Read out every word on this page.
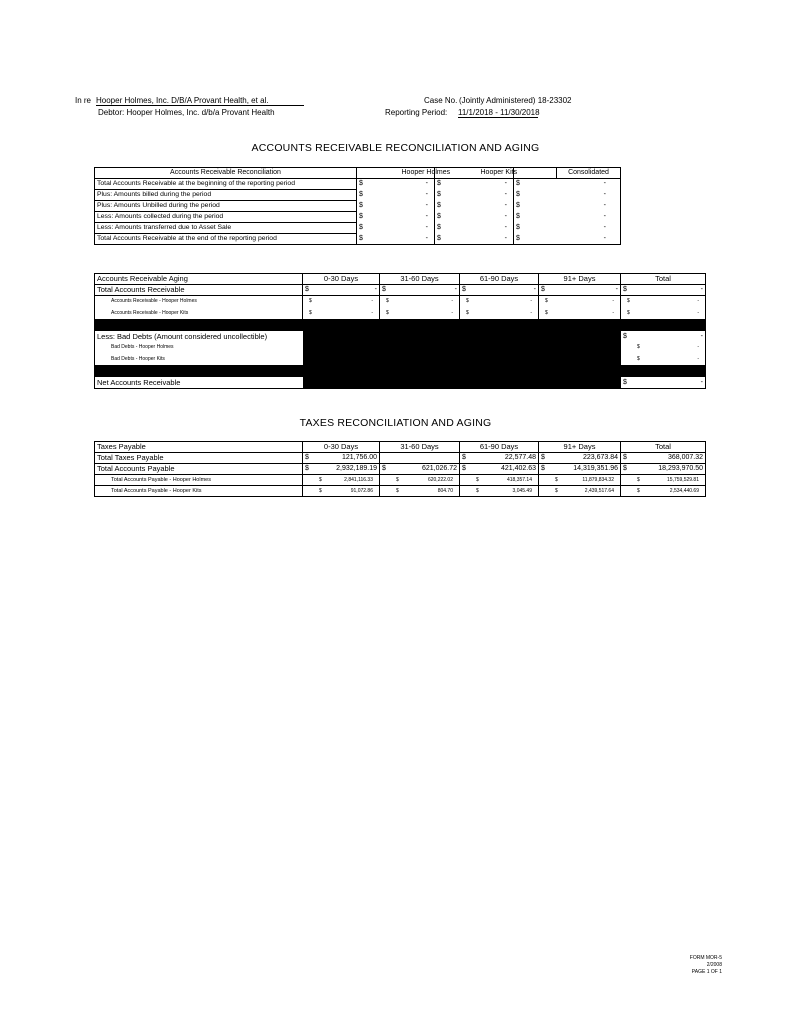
In re Hooper Holmes, Inc. D/B/A Provant Health, et al.
Debtor: Hooper Holmes, Inc. d/b/a Provant Health
Case No. (Jointly Administered) 18-23302
Reporting Period: 11/1/2018 - 11/30/2018
ACCOUNTS RECEIVABLE RECONCILIATION AND AGING
Accounts Receivable Reconciliation		Hooper Holmes		Hooper Kits		Consolidated
Total Accounts Receivable at the beginning of the reporting period	$	-	$	-	$	-
Plus: Amounts billed during the period	$	-	$	-	$	-
Plus: Amounts Unbilled during the period	$	-	$	-	$	-
Less: Amounts collected during the period	$	-	$	-	$	-
Less: Amounts transferred due to Asset Sale	$	-	$	-	$	-
Total Accounts Receivable at the end of the reporting period	$	-	$	-	$	-
Accounts Receivable Aging	0-30 Days	31-60 Days	61-90 Days	91+ Days	Total
Total Accounts Receivable	$ -	$ -	$ -	$ -	$ -

Accounts Receivable - Hooper Holmes	$ -	$ -	$ -	$ -	$ -

Accounts Receivable - Hooper Kits	$ -	$ -	$ -	$ -	$ -

Less: Bad Debts (Amount considered uncollectible)					$ -

Bad Debts - Hooper Holmes					$ -

Bad Debts - Hooper Kits					$ -

Net Accounts Receivable					$ -
TAXES RECONCILIATION AND AGING
Taxes Payable	0-30 Days	31-60 Days	61-90 Days	91+ Days	Total
Total Taxes Payable	$ 121,756.00		$ 22,577.48	$ 223,673.84	$ 368,007.32

Total Accounts Payable	$ 2,932,189.19	$ 621,026.72	$ 421,402.63	$ 14,319,351.96	$ 18,293,970.50

Total Accounts Payable - Hooper Holmes	$ 2,841,116.33	$ 620,222.02	$ 418,357.14	$ 11,879,834.32	$ 15,759,529.81

Total Accounts Payable - Hooper Kits	$ 91,072.86	$ 804.70	$ 3,045.49	$ 2,439,517.64	$ 2,534,440.69
FORM MOR-5
2/2008
PAGE 1 OF 1
